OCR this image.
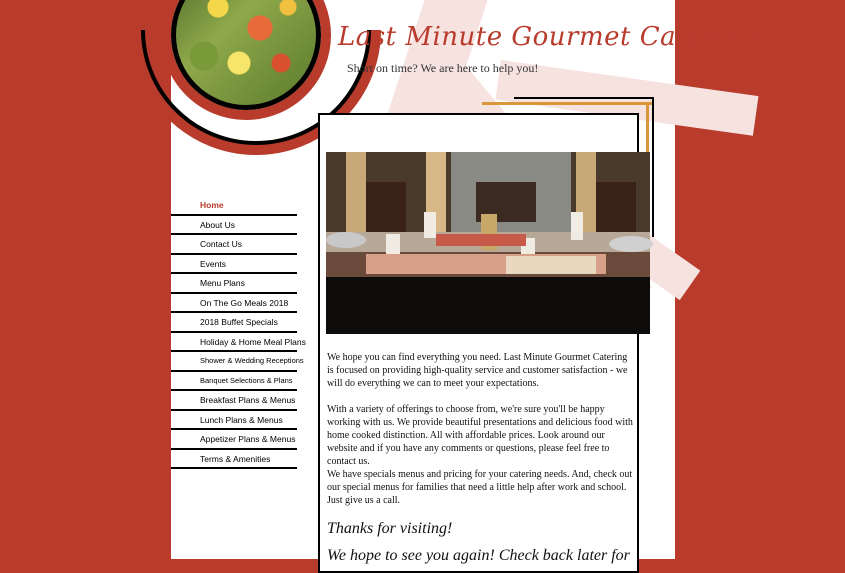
Last Minute Gourmet Catering
Short on time? We are here to help you!
Home
About Us
Contact Us
Events
Menu Plans
On The Go Meals 2018
2018 Buffet Specials
Holiday & Home Meal Plans
Shower & Wedding Receptions
Banquet Selections & Plans
Breakfast Plans & Menus
Lunch Plans & Menus
Appetizer Plans & Menus
Terms & Amenities
We hope you can find everything you need. Last Minute Gourmet Catering is focused on providing high-quality service and customer satisfaction - we will do everything we can to meet your expectations.
With a variety of offerings to choose from, we're sure you'll be happy working with us. We provide beautiful presentations and delicious food with home cooked distinction. All with affordable prices. Look around our website and if you have any comments or questions, please feel free to contact us.
We have specials menus and pricing for your catering needs. And, check out our special menus for families that need a little help after work and school. Just give us a call.
Thanks for visiting!
We hope to see you again! Check back later for
